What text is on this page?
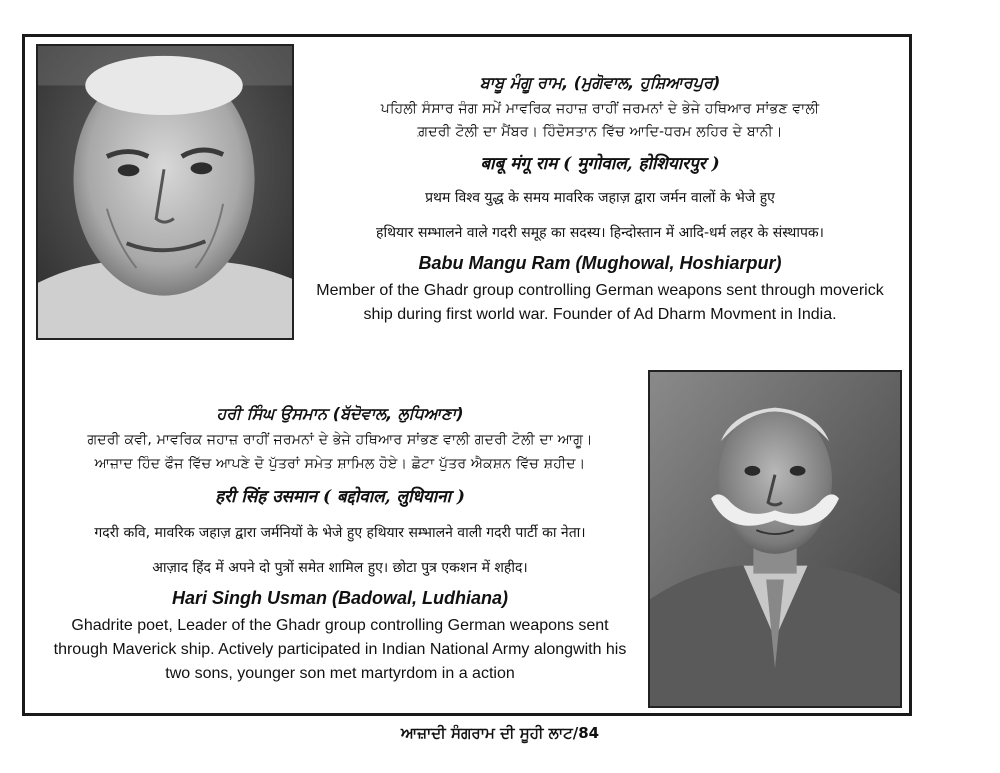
ਬਾਬੂ ਮੰਗੂ ਰਾਮ, (ਮੁਗੋਵਾਲ, ਹੁਸ਼ਿਆਰਪੁਰ)
ਪਹਿਲੀ ਸੰਸਾਰ ਜੰਗ ਸਮੇਂ ਮਾਵਰਿਕ ਜਹਾਜ਼ ਰਾਹੀਂ ਜਰਮਨਾਂ ਦੇ ਭੇਜੇ ਹਥਿਆਰ ਸਾਂਭਣ ਵਾਲੀ
ਗ਼ਦਰੀ ਟੋਲੀ ਦਾ ਮੈਂਬਰ। ਹਿੰਦੋਸਤਾਨ ਵਿੱਚ ਆਦਿ-ਧਰਮ ਲਹਿਰ ਦੇ ਬਾਨੀ।
बाबू मंगू राम ( मुगोवाल, होशियारपुर )
प्रथम विश्व युद्ध के समय मावरिक जहाज़ द्वारा जर्मन वालों के भेजे हुए
हथियार सम्भालने वाले गदरी समूह का सदस्य। हिन्दोस्तान में आदि-धर्म लहर के संस्थापक।
Babu Mangu Ram (Mughowal, Hoshiarpur)
Member of the Ghadr group controlling German weapons sent through moverick
ship during first world war. Founder of Ad Dharm Movment in India.
ਹਰੀ ਸਿੰਘ ਉਸਮਾਨ (ਬੱਦੋਵਾਲ, ਲੁਧਿਆਣਾ)
ਗਦਰੀ ਕਵੀ, ਮਾਵਰਿਕ ਜਹਾਜ਼ ਰਾਹੀਂ ਜਰਮਨਾਂ ਦੇ ਭੇਜੇ ਹਥਿਆਰ ਸਾਂਭਣ ਵਾਲੀ ਗਦਰੀ ਟੋਲੀ ਦਾ ਆਗੂ।
ਆਜ਼ਾਦ ਹਿੰਦ ਫੌਜ ਵਿੱਚ ਆਪਣੇ ਦੋ ਪੁੱਤਰਾਂ ਸਮੇਤ ਸ਼ਾਮਿਲ ਹੋਏ। ਛੋਟਾ ਪੁੱਤਰ ਐਕਸ਼ਨ ਵਿੱਚ ਸ਼ਹੀਦ।
हरी सिंह उसमान ( बद्दोवाल, लुधियाना )
गदरी कवि, मावरिक जहाज़ द्वारा जर्मनियों के भेजे हुए हथियार सम्भालने वाली गदरी पार्टी का नेता।
आज़ाद हिंद में अपने दो पुत्रों समेत शामिल हुए। छोटा पुत्र एकशन में शहीद।
Hari Singh Usman (Badowal, Ludhiana)
Ghadrite poet, Leader of the Ghadr group controlling German weapons sent
through Maverick ship. Actively participated in Indian National Army alongwith his
two sons, younger son met martyrdom in a action
ਆਜ਼ਾਦੀ ਸੰਗਰਾਮ ਦੀ ਸੂਹੀ ਲਾਟ/84
